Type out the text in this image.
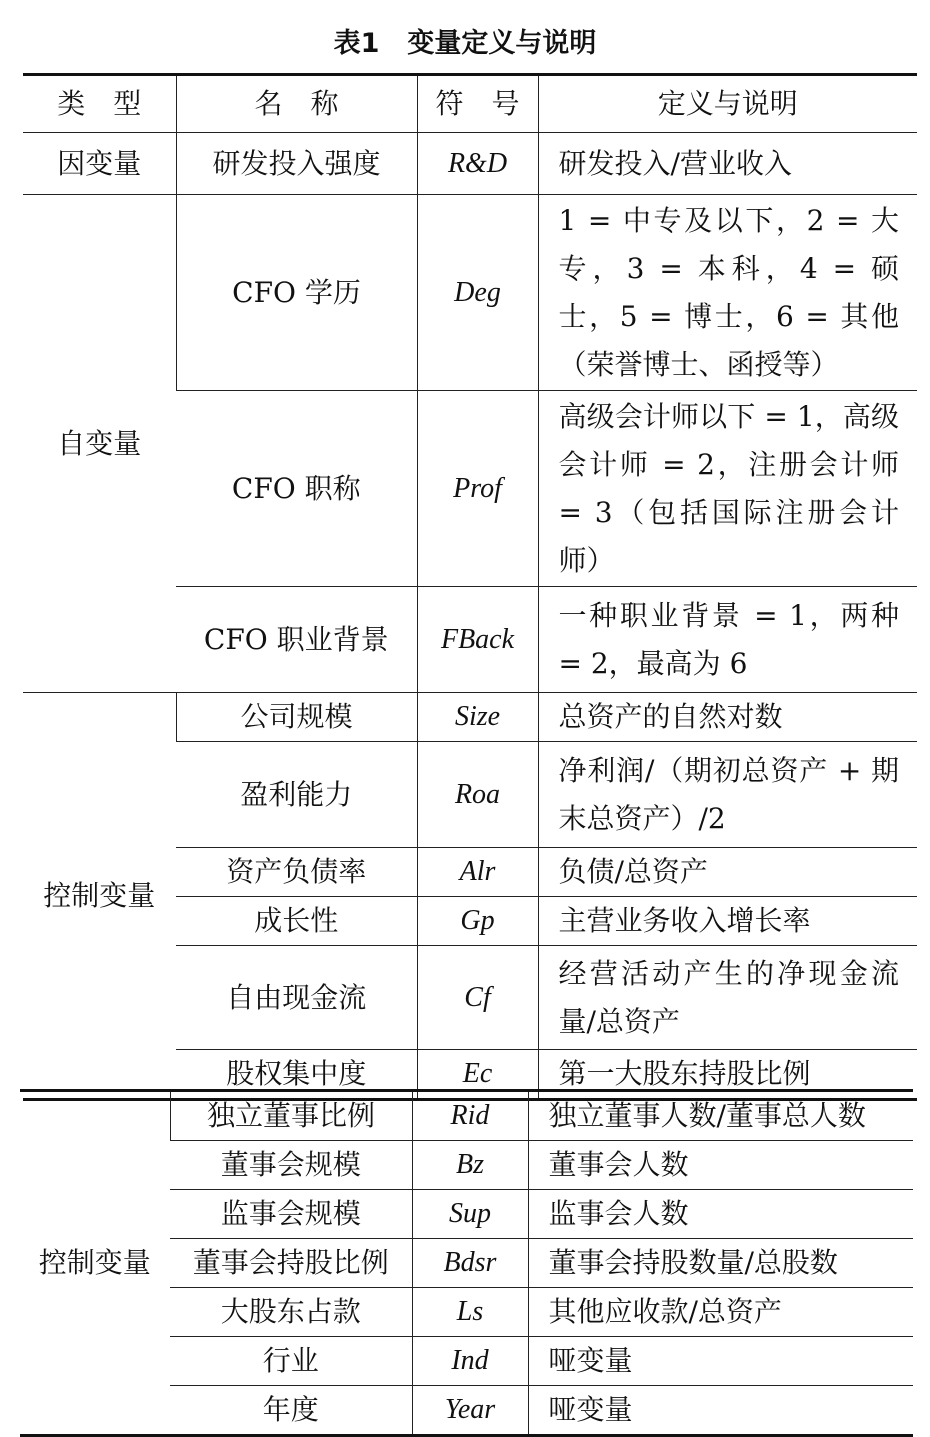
表1 变量定义与说明
类　型	名　称	符　号	定义与说明
因变量	研发投入强度	R&D	研发投入/营业收入
自变量	CFO 学历	Deg	1 = 中专及以下，2 = 大专，3 = 本科，4 = 硕士，5 = 博士，6 = 其他（荣誉博士、函授等）
	CFO 职称	Prof	高级会计师以下 = 1，高级会计师 = 2，注册会计师 = 3（包括国际注册会计师）
	CFO 职业背景	FBack	一种职业背景 = 1，两种 = 2，最高为 6
控制变量	公司规模	Size	总资产的自然对数
	盈利能力	Roa	净利润/（期初总资产 + 期末总资产）/2
	资产负债率	Alr	负债/总资产
	成长性	Gp	主营业务收入增长率
	自由现金流	Cf	经营活动产生的净现金流量/总资产
	股权集中度	Ec	第一大股东持股比例
控制变量	独立董事比例	Rid	独立董事人数/董事总人数
	董事会规模	Bz	董事会人数
	监事会规模	Sup	监事会人数
	董事会持股比例	Bdsr	董事会持股数量/总股数
	大股东占款	Ls	其他应收款/总资产
	行业	Ind	哑变量
	年度	Year	哑变量
